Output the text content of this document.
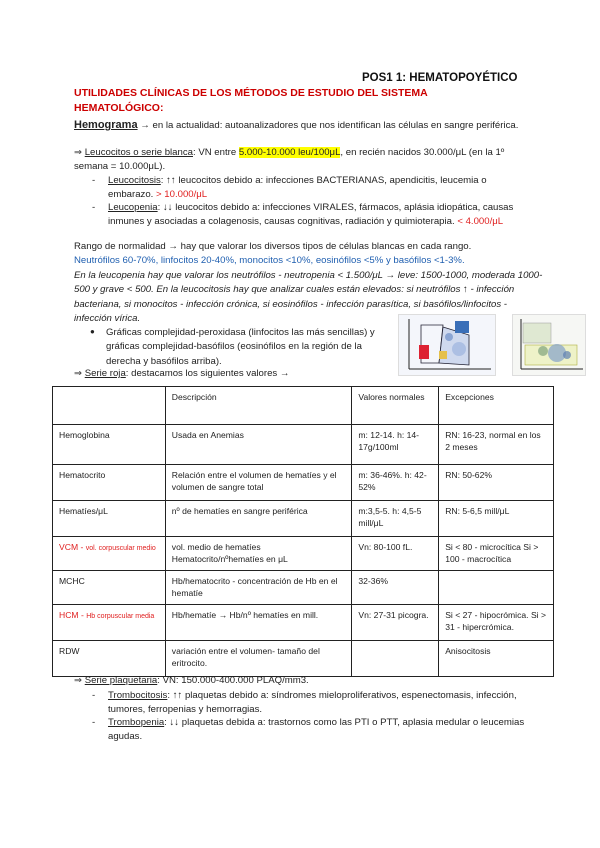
POS1 1: HEMATOPOYÉTICO
UTILIDADES CLÍNICAS DE LOS MÉTODOS DE ESTUDIO DEL SISTEMA HEMATOLÓGICO:
Hemograma → en la actualidad: autoanalizadores que nos identifican las células en sangre periférica.
⇒ Leucocitos o serie blanca: VN entre 5.000-10.000 leu/100μL, en recién nacidos 30.000/μL (en la 1º semana = 10.000μL).
- Leucocitosis: ↑↑ leucocitos debido a: infecciones BACTERIANAS, apendicitis, leucemia o embarazo. > 10.000/μL
- Leucopenia: ↓↓ leucocitos debido a: infecciones VIRALES, fármacos, aplásia idiopática, causas inmunes y asociadas a colagenosis, causas cognitivas, radiación y quimioterapia. < 4.000/μL
Rango de normalidad → hay que valorar los diversos tipos de células blancas en cada rango.
Neutrófilos 60-70%, linfocitos 20-40%, monocitos <10%, eosinófilos <5% y basófilos <1-3%.
En la leucopenia hay que valorar los neutrófilos - neutropenia < 1.500/μL → leve: 1500-1000, moderada 1000-500 y grave < 500. En la leucocitosis hay que analizar cuales están elevados: si neutrófilos ↑ - infección bacteriana, si monocitos - infección crónica, si eosinófilos - infección parasítica, si basófilos/linfocitos - infección vírica.
● Gráficas complejidad-peroxidasa (linfocitos las más sencillas) y gráficas complejidad-basófilos (eosinófilos en la región de la derecha y basófilos arriba).
⇒ Serie roja: destacamos los siguientes valores →
	Descripción	Valores normales	Excepciones
Hemoglobina	Usada en Anemias	m: 12-14. h: 14-17g/100ml	RN: 16-23, normal en los 2 meses
Hematocrito	Relación entre el volumen de hematíes y el volumen de sangre total	m: 36-46%. h: 42-52%	RN: 50-62%
Hematíes/μL	nº de hematíes en sangre periférica	m:3,5-5. h: 4,5-5 mill/μL	RN: 5-6,5 mill/μL
VCM - vol. corpuscular medio	vol. medio de hematíes Hematocrito/nºhematíes en μL	Vn: 80-100 fL.	Si < 80 - microcítica Si > 100 - macrocítica
MCHC	Hb/hematocrito - concentración de Hb en el hematíe	32-36%	
HCM - Hb corpuscular media	Hb/hematíe → Hb/nº hematíes en mill.	Vn: 27-31 picogra.	Si < 27 - hipocrómica. Si > 31 - hipercrómica.
RDW	variación entre el volumen- tamaño del eritrocito.		Anisocitosis
⇒ Serie plaquetaria: VN: 150.000-400.000 PLAQ/mm3.
- Trombocitosis: ↑↑ plaquetas debido a: síndromes mieloproliferativos, espenectomasis, infección, tumores, ferropenias y hemorragias.
- Trombopenia: ↓↓ plaquetas debida a: trastornos como las PTI o PTT, aplasia medular o leucemias agudas.
